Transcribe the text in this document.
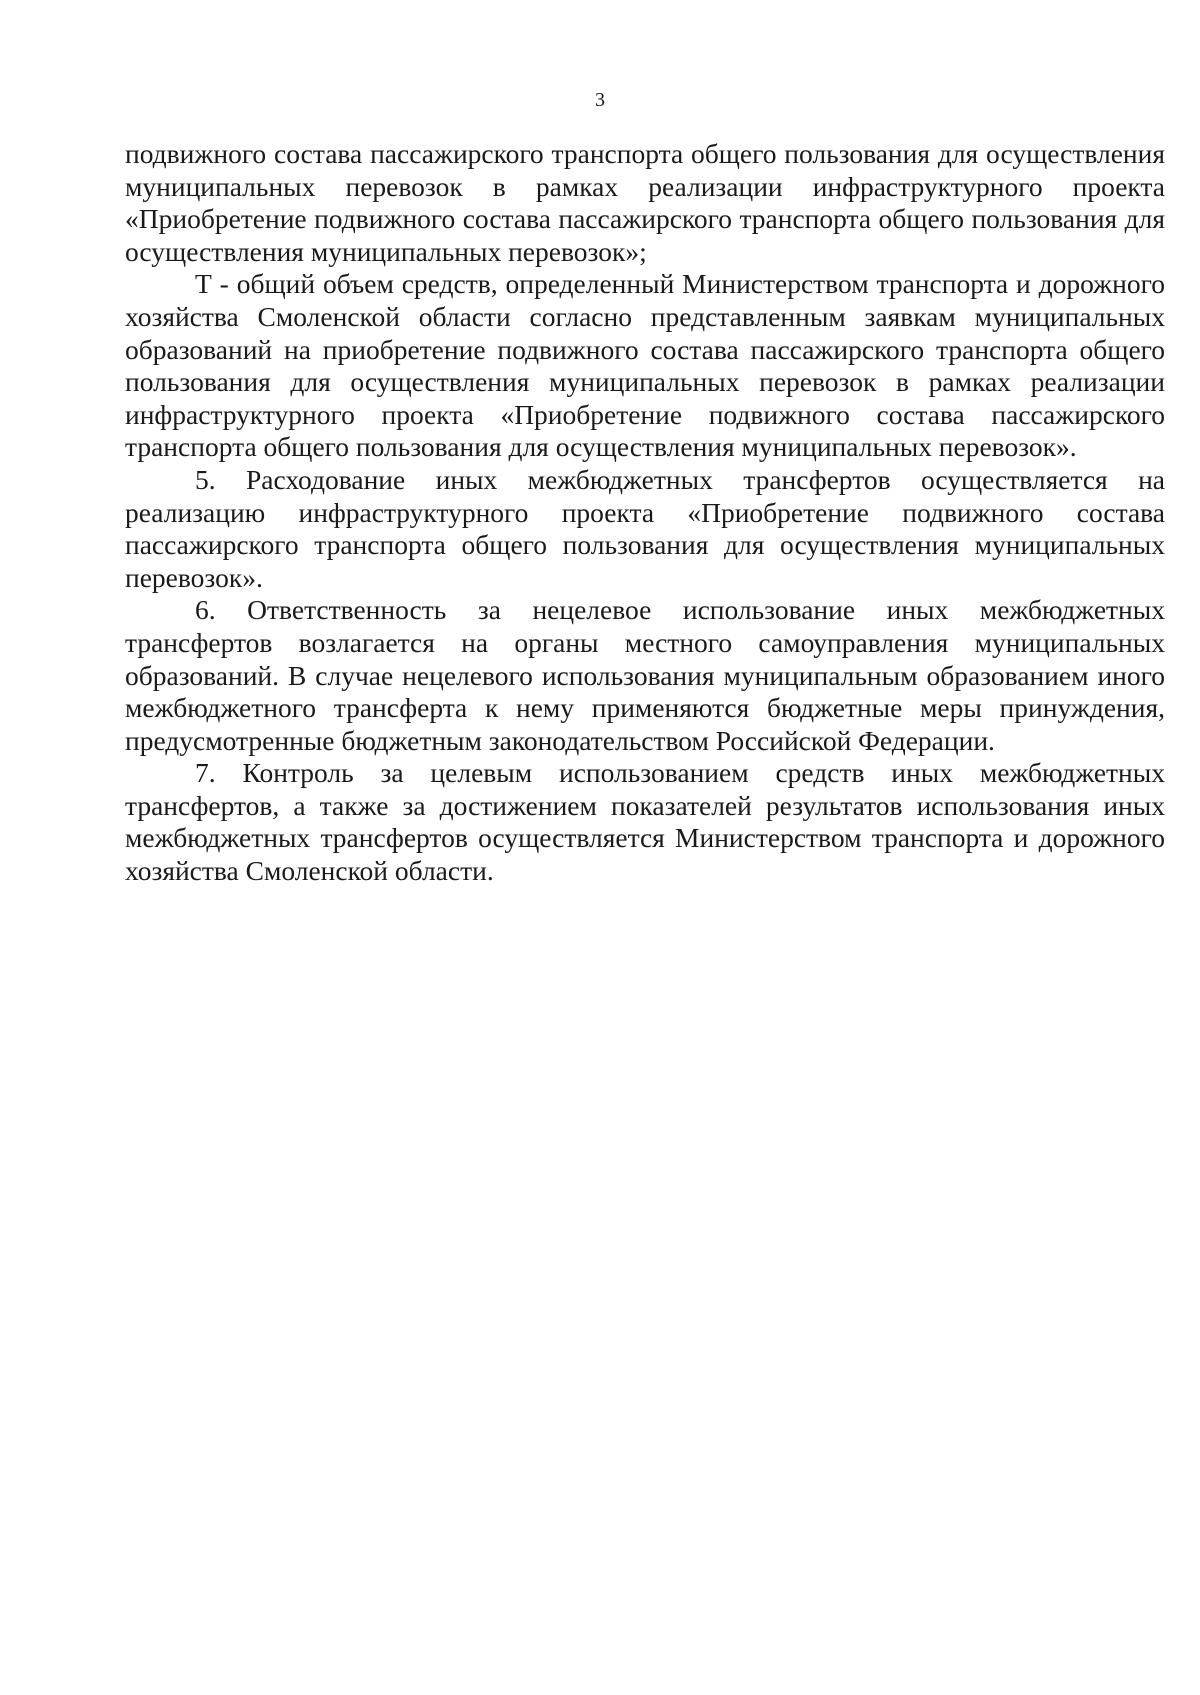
3

подвижного состава пассажирского транспорта общего пользования для осуществления муниципальных перевозок в рамках реализации инфраструктурного проекта «Приобретение подвижного состава пассажирского транспорта общего пользования для осуществления муниципальных перевозок»;

Т - общий объем средств, определенный Министерством транспорта и дорожного хозяйства Смоленской области согласно представленным заявкам муниципальных образований на приобретение подвижного состава пассажирского транспорта общего пользования для осуществления муниципальных перевозок в рамках реализации инфраструктурного проекта «Приобретение подвижного состава пассажирского транспорта общего пользования для осуществления муниципальных перевозок».

5. Расходование иных межбюджетных трансфертов осуществляется на реализацию инфраструктурного проекта «Приобретение подвижного состава пассажирского транспорта общего пользования для осуществления муниципальных перевозок».

6. Ответственность за нецелевое использование иных межбюджетных трансфертов возлагается на органы местного самоуправления муниципальных образований. В случае нецелевого использования муниципальным образованием иного межбюджетного трансферта к нему применяются бюджетные меры принуждения, предусмотренные бюджетным законодательством Российской Федерации.

7. Контроль за целевым использованием средств иных межбюджетных трансфертов, а также за достижением показателей результатов использования иных межбюджетных трансфертов осуществляется Министерством транспорта и дорожного хозяйства Смоленской области.
